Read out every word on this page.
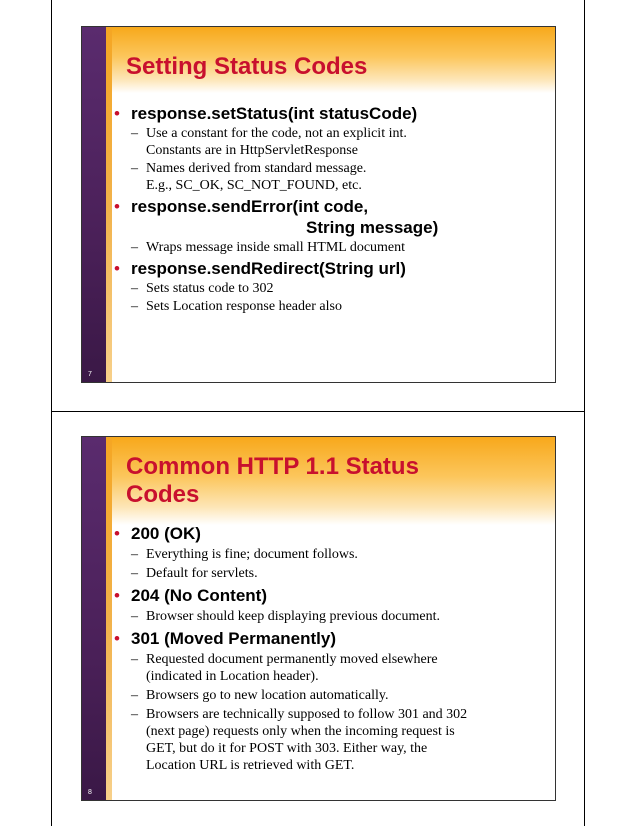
Setting Status Codes
• response.setStatus(int statusCode)
– Use a constant for the code, not an explicit int.
Constants are in HttpServletResponse
– Names derived from standard message.
E.g., SC_OK, SC_NOT_FOUND, etc.
• response.sendError(int code,
String message)
– Wraps message inside small HTML document
• response.sendRedirect(String url)
– Sets status code to 302
– Sets Location response header also
7
Common HTTP 1.1 Status
Codes
• 200 (OK)
– Everything is fine; document follows.
– Default for servlets.
• 204 (No Content)
– Browser should keep displaying previous document.
• 301 (Moved Permanently)
– Requested document permanently moved elsewhere
(indicated in Location header).
– Browsers go to new location automatically.
– Browsers are technically supposed to follow 301 and 302
(next page) requests only when the incoming request is
GET, but do it for POST with 303. Either way, the
Location URL is retrieved with GET.
8
